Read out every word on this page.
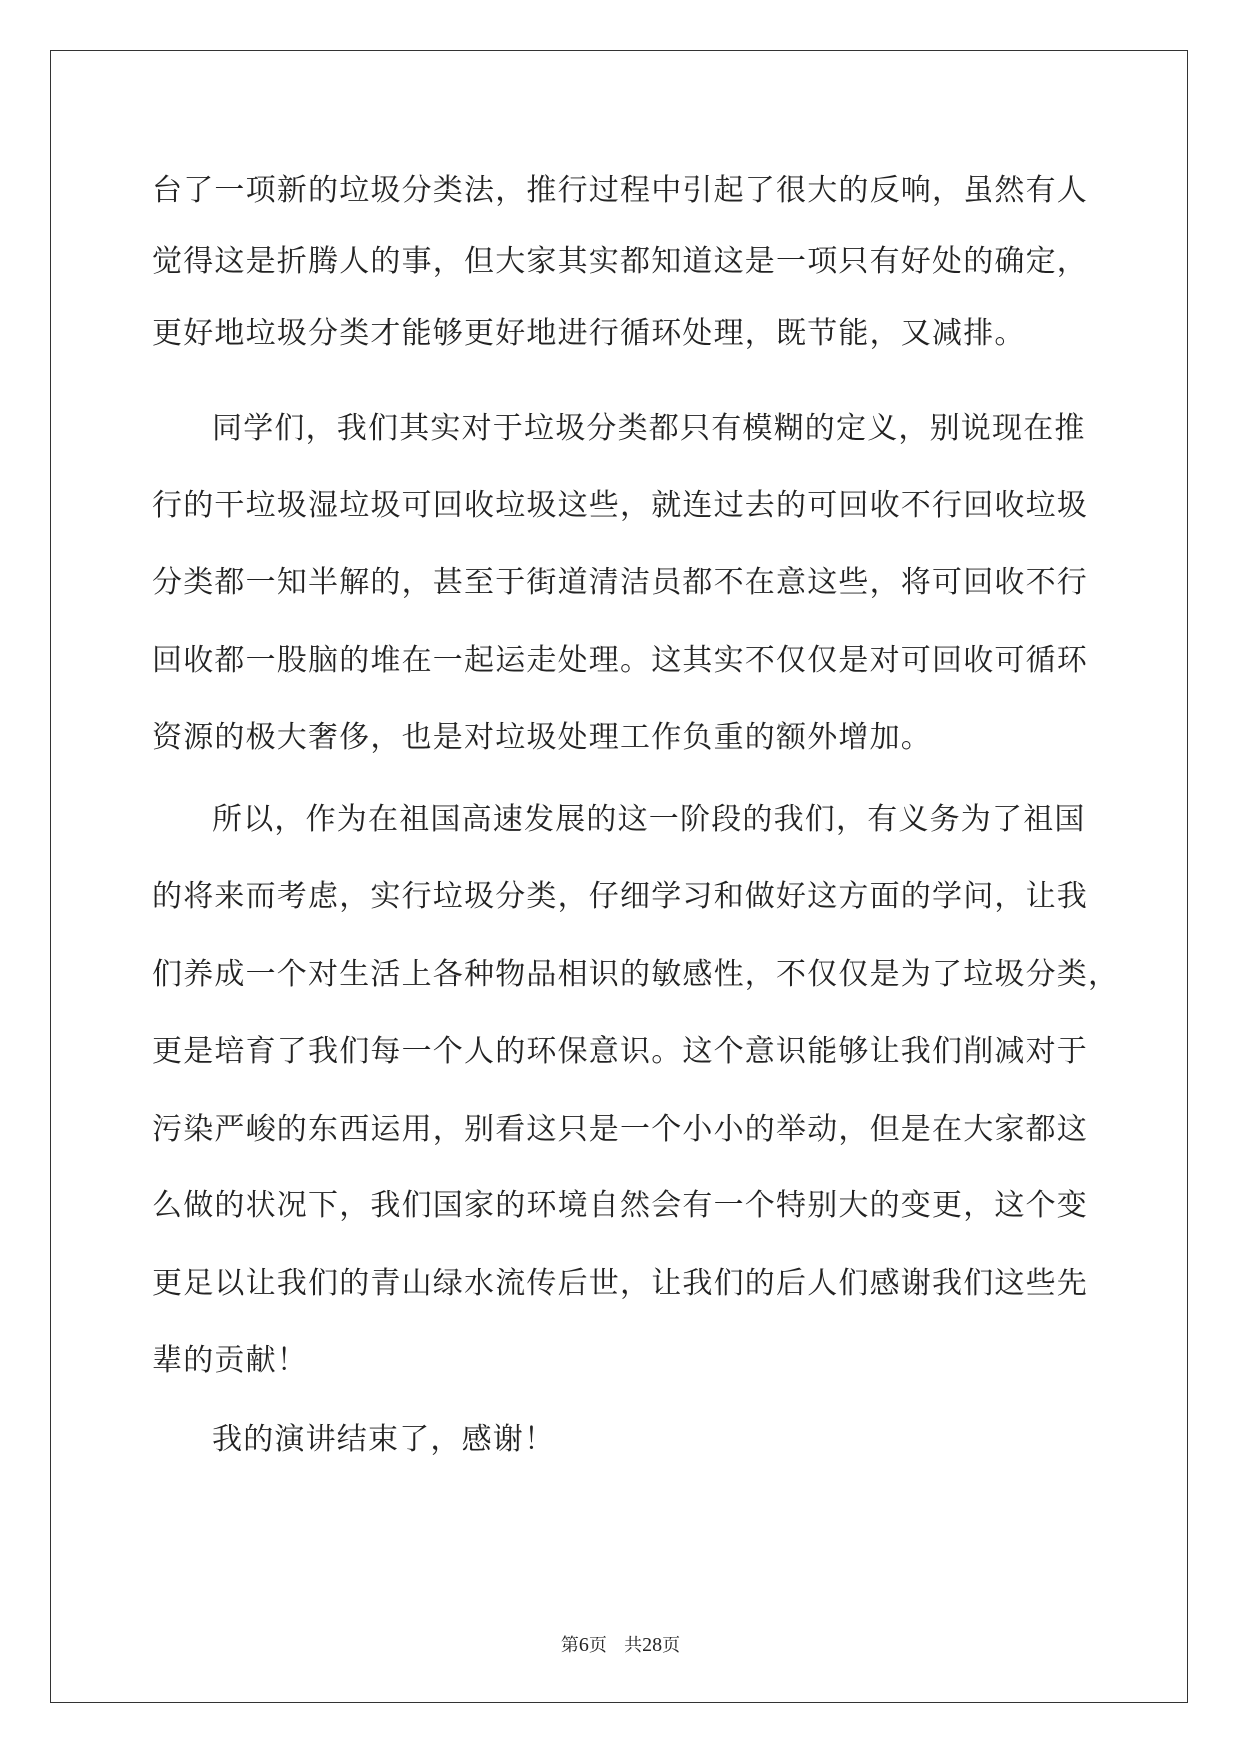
台了一项新的垃圾分类法，推行过程中引起了很大的反响，虽然有人
觉得这是折腾人的事，但大家其实都知道这是一项只有好处的确定，
更好地垃圾分类才能够更好地进行循环处理，既节能，又减排。
同学们，我们其实对于垃圾分类都只有模糊的定义，别说现在推
行的干垃圾湿垃圾可回收垃圾这些，就连过去的可回收不行回收垃圾
分类都一知半解的，甚至于街道清洁员都不在意这些，将可回收不行
回收都一股脑的堆在一起运走处理。这其实不仅仅是对可回收可循环
资源的极大奢侈，也是对垃圾处理工作负重的额外增加。
所以，作为在祖国高速发展的这一阶段的我们，有义务为了祖国
的将来而考虑，实行垃圾分类，仔细学习和做好这方面的学问，让我
们养成一个对生活上各种物品相识的敏感性，不仅仅是为了垃圾分类，
更是培育了我们每一个人的环保意识。这个意识能够让我们削减对于
污染严峻的东西运用，别看这只是一个小小的举动，但是在大家都这
么做的状况下，我们国家的环境自然会有一个特别大的变更，这个变
更足以让我们的青山绿水流传后世，让我们的后人们感谢我们这些先
辈的贡献！
我的演讲结束了，感谢！
第6页 共28页
